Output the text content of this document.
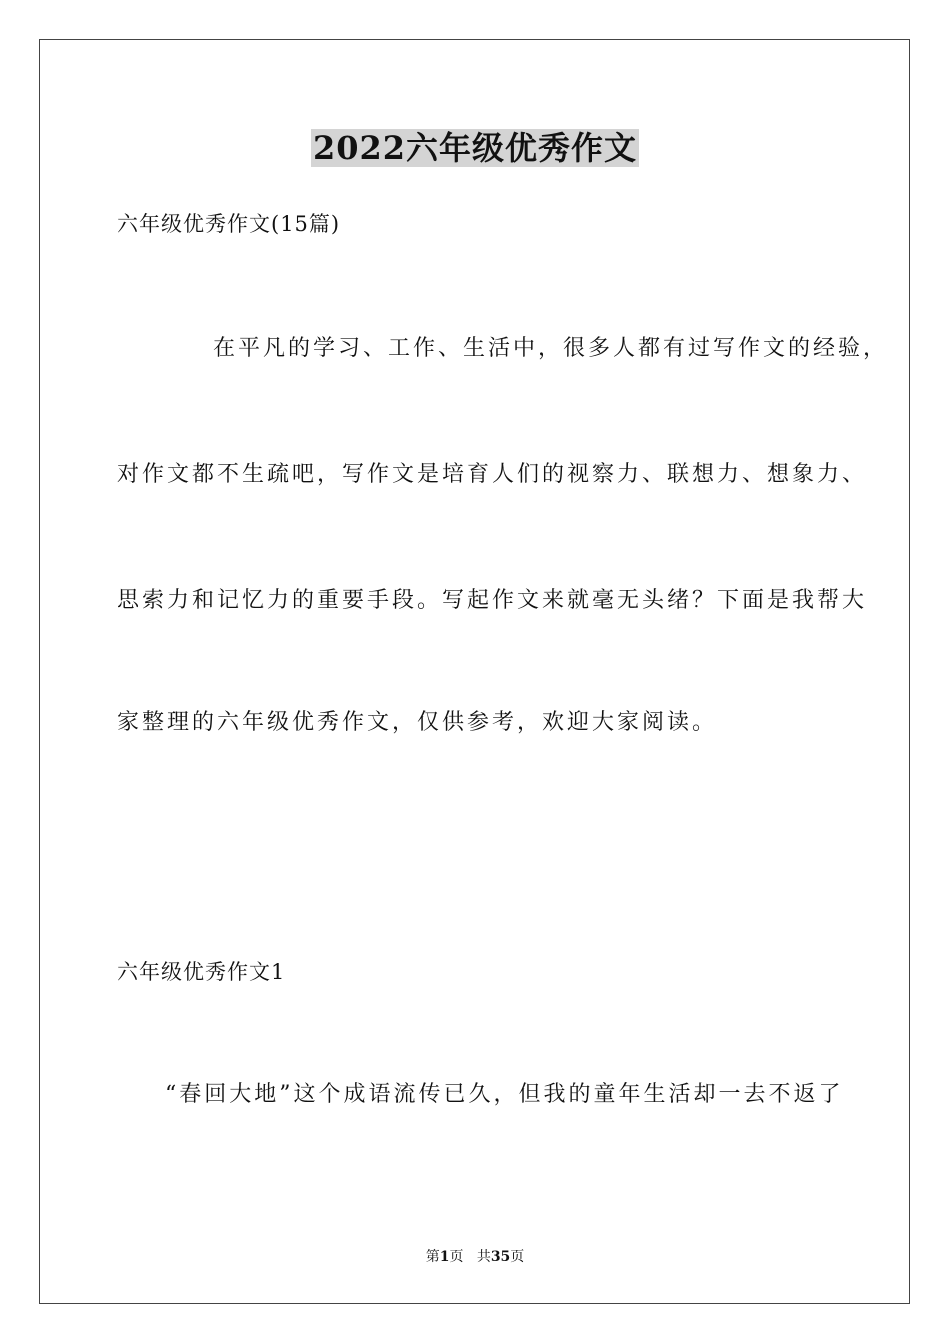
2022六年级优秀作文
六年级优秀作文(15篇)
在平凡的学习、工作、生活中，很多人都有过写作文的经验，
对作文都不生疏吧，写作文是培育人们的视察力、联想力、想象力、
思索力和记忆力的重要手段。写起作文来就毫无头绪？下面是我帮大
家整理的六年级优秀作文，仅供参考，欢迎大家阅读。
六年级优秀作文1
“春回大地”这个成语流传已久，但我的童年生活却一去不返了
第1页 共35页
